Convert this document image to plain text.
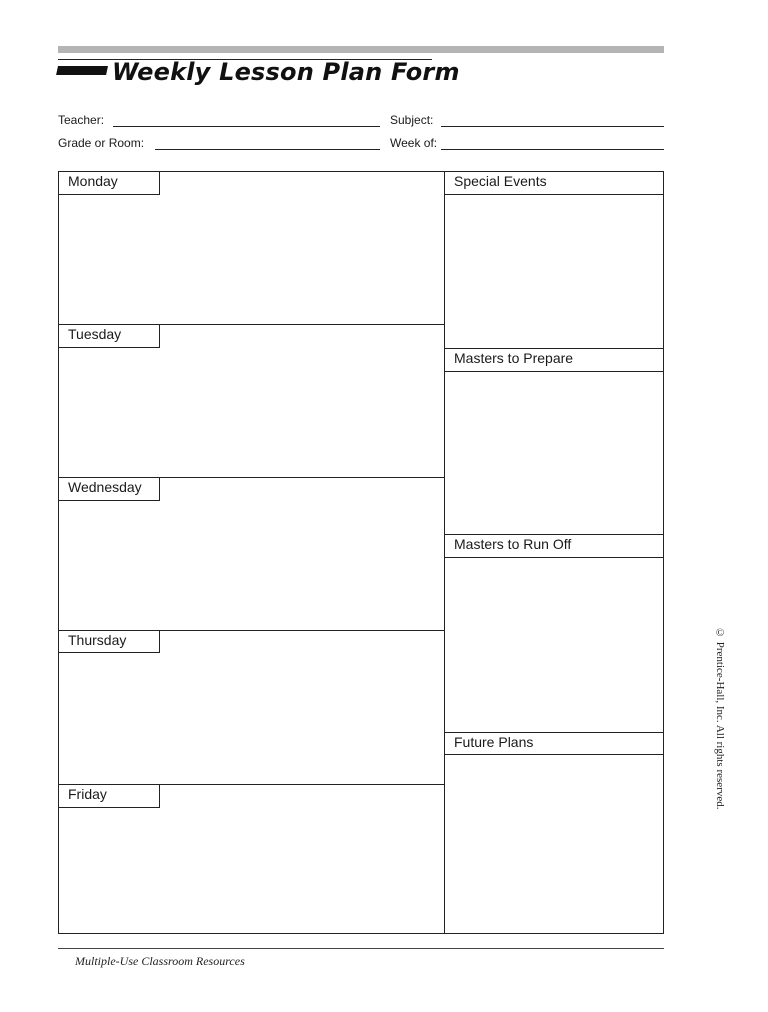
Weekly Lesson Plan Form
Teacher:	Subject:
Grade or Room:	Week of:
Monday
Tuesday
Wednesday
Thursday
Friday
Special Events
Masters to Prepare
Masters to Run Off
Future Plans
Multiple-Use Classroom Resources
© Prentice-Hall, Inc. All rights reserved.
